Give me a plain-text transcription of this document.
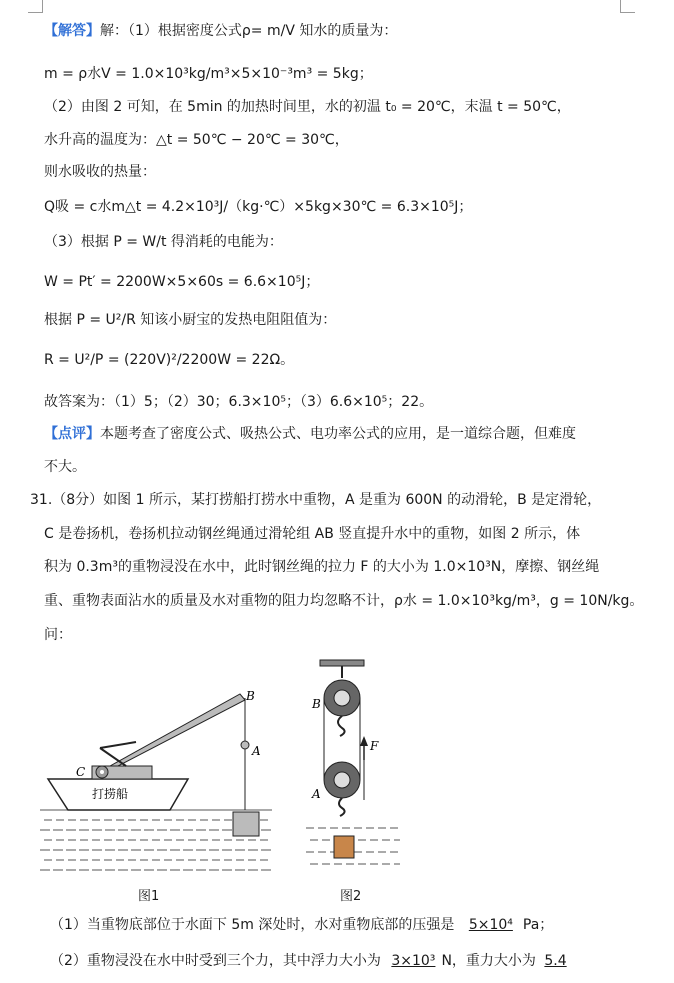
【解答】解：（1）根据密度公式ρ= m/V 知水的质量为：
m = ρ水V = 1.0×10³kg/m³×5×10⁻³m³ = 5kg；
（2）由图 2 可知，在 5min 的加热时间里，水的初温 t₀ = 20℃，末温 t = 50℃，
水升高的温度为：△t = 50℃ − 20℃ = 30℃，
则水吸收的热量：
Q吸 = c水m△t = 4.2×10³J/（kg·℃）×5kg×30℃ = 6.3×10⁵J；
（3）根据 P = W/t 得消耗的电能为：
W = Pt′ = 2200W×5×60s = 6.6×10⁵J；
根据 P = U²/R 知该小厨宝的发热电阻阻值为：
R = U²/P = (220V)²/2200W = 22Ω。
故答案为：（1）5；（2）30；6.3×10⁵；（3）6.6×10⁵；22。
【点评】本题考查了密度公式、吸热公式、电功率公式的应用，是一道综合题，但难度
不大。
31.（8分）如图 1 所示，某打捞船打捞水中重物，A 是重为 600N 的动滑轮，B 是定滑轮，
C 是卷扬机，卷扬机拉动钢丝绳通过滑轮组 AB 竖直提升水中的重物，如图 2 所示，体
积为 0.3m³的重物浸没在水中，此时钢丝绳的拉力 F 的大小为 1.0×10³N，摩擦、钢丝绳
重、重物表面沾水的质量及水对重物的阻力均忽略不计，ρ水 = 1.0×10³kg/m³，g = 10N/kg。
问：
B
A
C
打捞船
图1
B
A
F
图2
（1）当重物底部位于水面下 5m 深处时，水对重物底部的压强是 5×10⁴ Pa；
（2）重物浸没在水中时受到三个力，其中浮力大小为 3×10³ N，重力大小为 5.4
